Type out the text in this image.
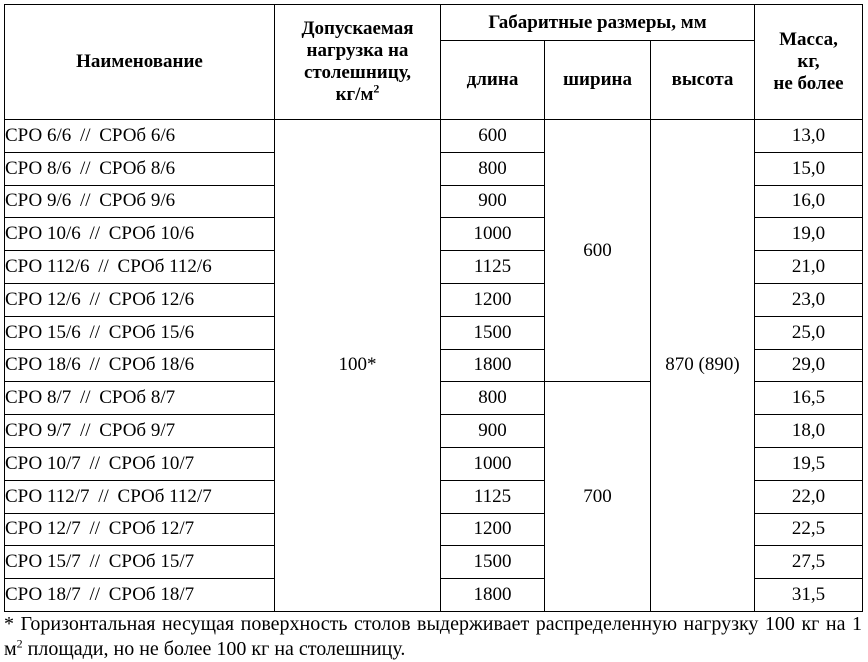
Наименование	Допускаемая
нагрузка на
столешницу,
$кг/м^2$	Габаритные размеры, мм			Масса,
кг,
не более
		длина	ширина	высота	
СРО 6/6 // СРОб 6/6	100*	600	600	870 (890)	13,0
СРО 8/6 // СРОб 8/6		800			15,0
СРО 9/6 // СРОб 9/6		900			16,0
СРО 10/6 // СРОб 10/6		1000			19,0
СРО 112/6 // СРОб 112/6		1125			21,0
СРО 12/6 // СРОб 12/6		1200			23,0
СРО 15/6 // СРОб 15/6		1500			25,0
СРО 18/6 // СРОб 18/6		1800			29,0
СРО 8/7 // СРОб 8/7		800	700		16,5
СРО 9/7 // СРОб 9/7		900			18,0
СРО 10/7 // СРОб 10/7		1000			19,5
СРО 112/7 // СРОб 112/7		1125			22,0
СРО 12/7 // СРОб 12/7		1200			22,5
СРО 15/7 // СРОб 15/7		1500			27,5
СРО 18/7 // СРОб 18/7		1800			31,5
* Горизонтальная несущая поверхность столов выдерживает распределенную нагрузку 100 кг на 1 $м^2$ площади, но не более 100 кг на столешницу.
